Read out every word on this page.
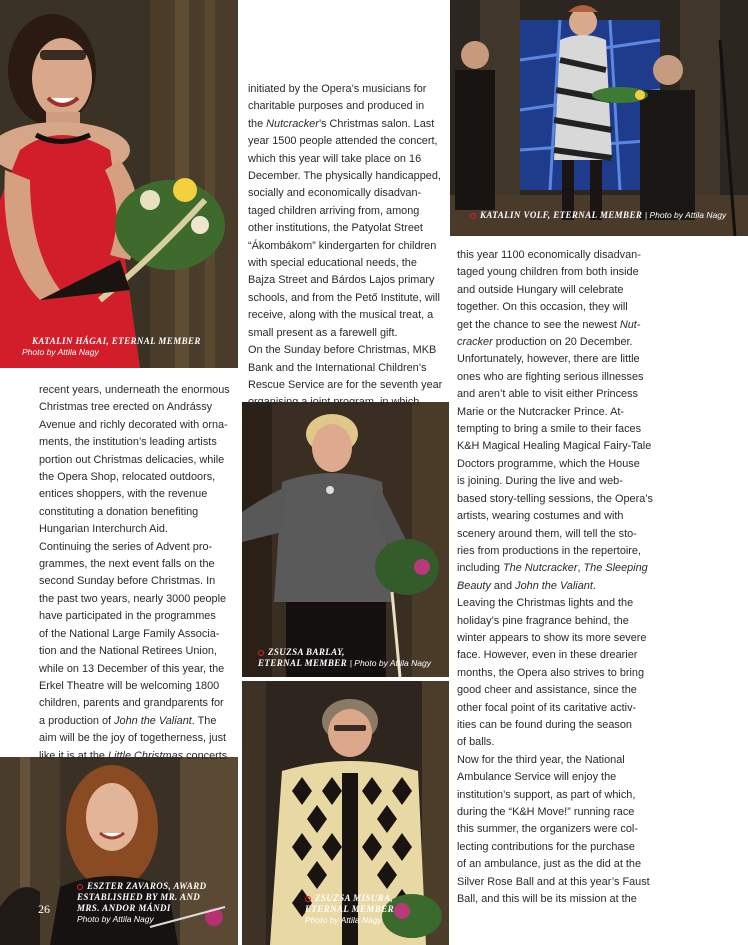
KATALIN HÁGAI, ETERNAL MEMBER
Photo by Attila Nagy
KATALIN VOLF, ETERNAL MEMBER | Photo by Attila Nagy
ZSUZSA BARLAY,
ETERNAL MEMBER | Photo by Attila Nagy
ESZTER ZAVAROS, AWARD
ESTABLISHED BY MR. AND
MRS. ANDOR MÁNDI
Photo by Attila Nagy
26
ZSUZSA MISURA,
ETERNAL MEMBER
Photo by Attila Nagy

recent years, underneath the enormous

Christmas tree erected on Andrássy

Avenue and richly decorated with orna-

ments, the institution’s leading artists

portion out Christmas delicacies, while

the Opera Shop, relocated outdoors,

entices shoppers, with the revenue

constituting a donation benefiting

Hungarian Interchurch Aid.

Continuing the series of Advent pro-

grammes, the next event falls on the

second Sunday before Christmas. In

the past two years, nearly 3000 people

have participated in the programmes

of the National Large Family Associa-

tion and the National Retirees Union,

while on 13 December of this year, the

Erkel Theatre will be welcoming 1800

children, parents and grandparents for

a production of John the Valiant. The

aim will be the joy of togetherness, just

like it is at the Little Christmas concerts

initiated by the Opera’s musicians for

charitable purposes and produced in

the Nutcracker’s Christmas salon. Last

year 1500 people attended the concert,

which this year will take place on 16

December. The physically handicapped,

socially and economically disadvan-

taged children arriving from, among

other institutions, the Patyolat Street

“Ákombákom” kindergarten for children

with special educational needs, the

Bajza Street and Bárdos Lajos primary

schools, and from the Pető Institute, will

receive, along with the musical treat, a

small present as a farewell gift.

On the Sunday before Christmas, MKB

Bank and the International Children’s

Rescue Service are for the seventh year

organising a joint program, in which

this year 1100 economically disadvan-

taged young children from both inside

and outside Hungary will celebrate

together. On this occasion, they will

get the chance to see the newest Nut-

cracker production on 20 December.

Unfortunately, however, there are little

ones who are fighting serious illnesses

and aren’t able to visit either Princess

Marie or the Nutcracker Prince. At-

tempting to bring a smile to their faces

K&H Magical Healing Magical Fairy-Tale

Doctors programme, which the House

is joining. During the live and web-

based story-telling sessions, the Opera’s

artists, wearing costumes and with

scenery around them, will tell the sto-

ries from productions in the repertoire,

including The Nutcracker, The Sleeping

Beauty and John the Valiant.

Leaving the Christmas lights and the

holiday’s pine fragrance behind, the

winter appears to show its more severe

face. However, even in these drearier

months, the Opera also strives to bring

good cheer and assistance, since the

other focal point of its caritative activ-

ities can be found during the season

of balls.

Now for the third year, the National

Ambulance Service will enjoy the

institution’s support, as part of which,

during the “K&H Move!” running race

this summer, the organizers were col-

lecting contributions for the purchase

of an ambulance, just as the did at the

Silver Rose Ball and at this year’s Faust

Ball, and this will be its mission at the
